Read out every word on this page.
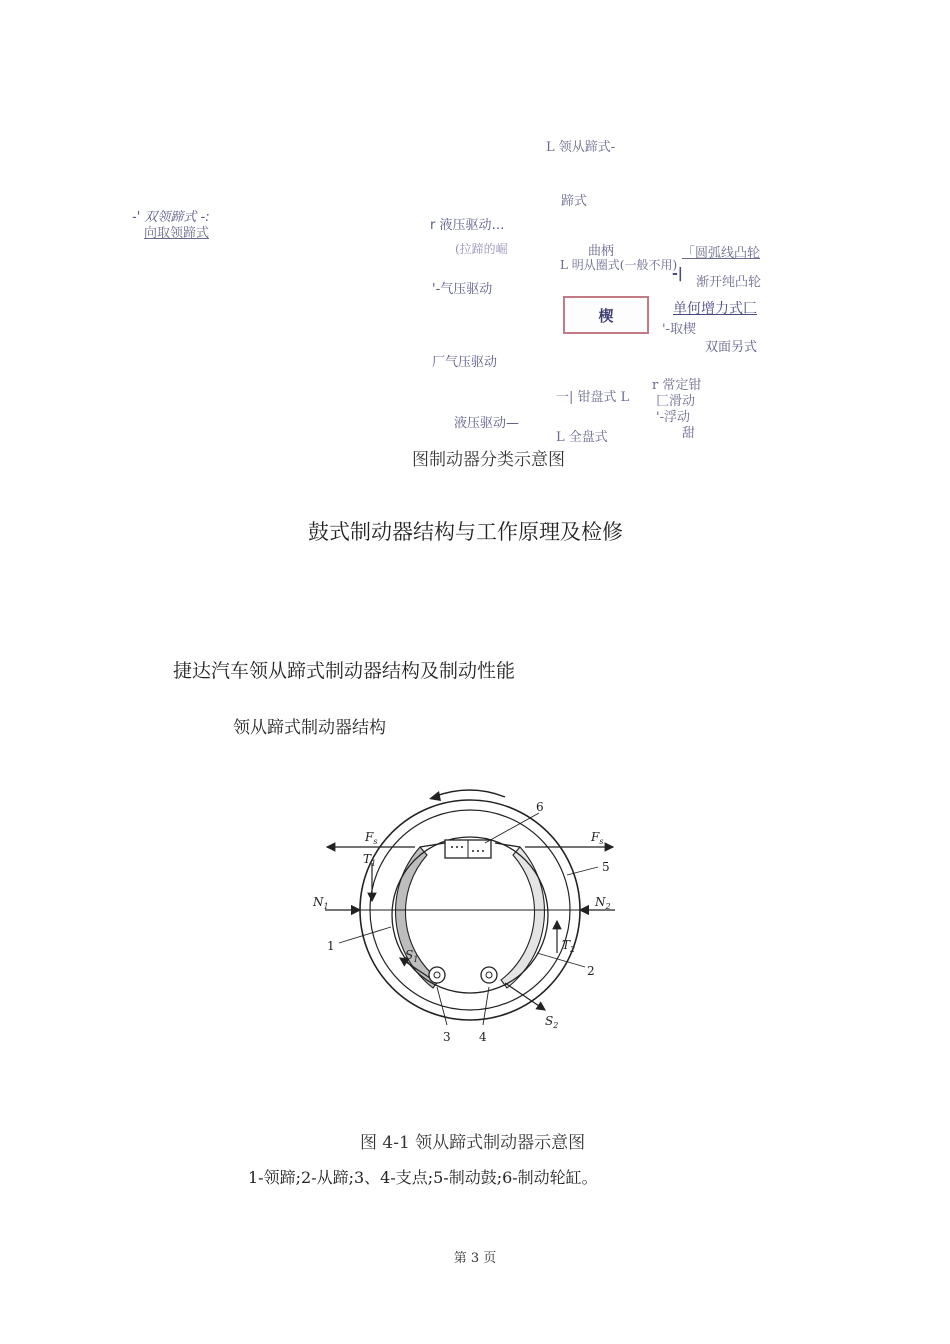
L 领从蹄式-
蹄式
-' 双领蹄式 -:
向取领蹄式
r 液压驱动…
(拉蹄的崛	曲柄	「圆弧线凸轮
L 明从圈式(一般不用)
-|
渐开纯凸轮
'-气压驱动
楔	单何增力式匚
'-取楔
双面另式
厂气压驱动
r 常定钳
一| 钳盘式 L 匚滑动
'-浮动
液压驱动—
甜
L 全盘式
图制动器分类示意图
鼓式制动器结构与工作原理及检修
捷达汽车领从蹄式制动器结构及制动性能
领从蹄式制动器结构
$F_s$	$F_s$
$T_1$
$T_2$
$N_1$	$N_2$
$S_1$
$S_2$
1
2
3 4
5
6
图 4-1 领从蹄式制动器示意图
1-领蹄;2-从蹄;3、4-支点;5-制动鼓;6-制动轮缸。
第 3 页
